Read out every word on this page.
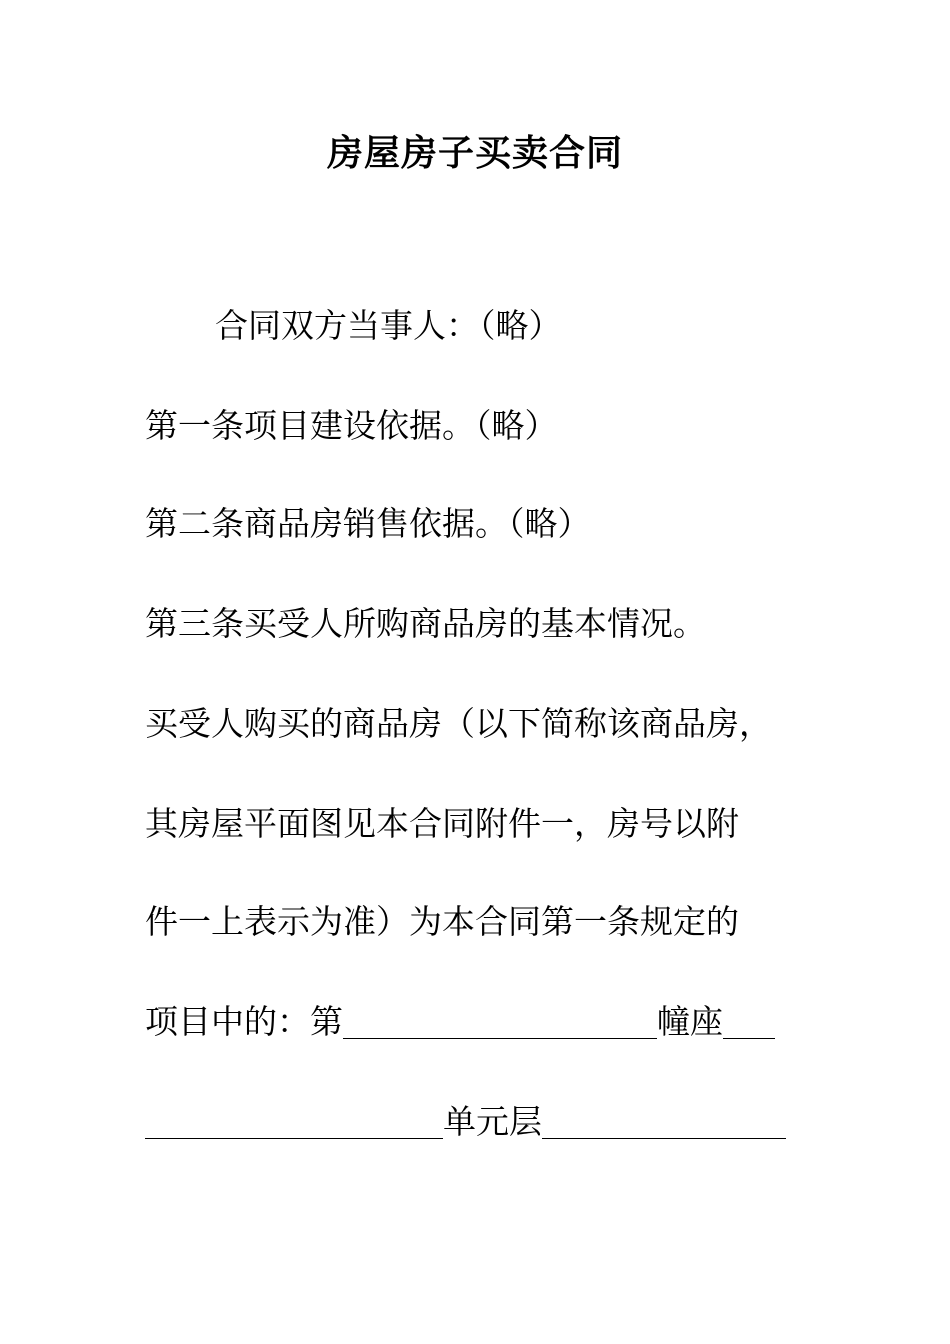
房屋房子买卖合同
合同双方当事人：（略）
第一条项目建设依据。（略）
第二条商品房销售依据。（略）
第三条买受人所购商品房的基本情况。
买受人购买的商品房（以下简称该商品房，
其房屋平面图见本合同附件一，房号以附
件一上表示为准）为本合同第一条规定的
项目中的：第	幢座
单元层
